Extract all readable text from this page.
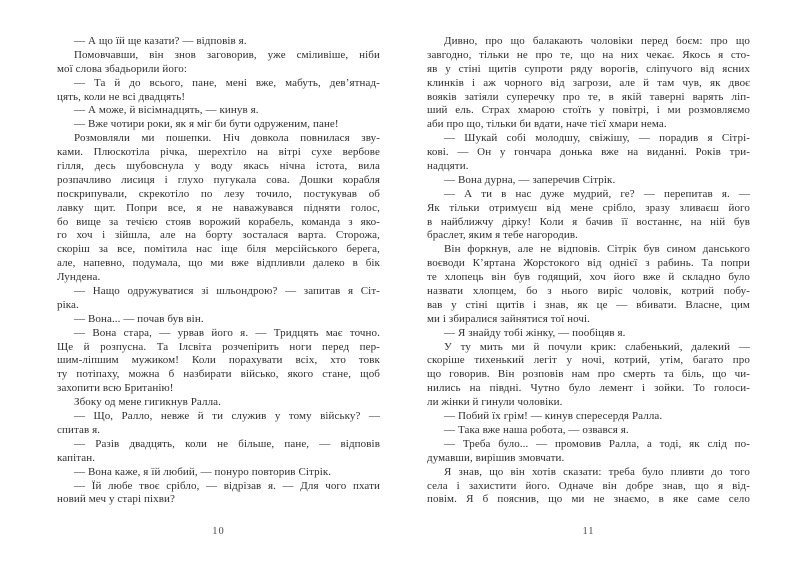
— А що їй ще казати? — відповів я.
Помовчавши, він знов заговорив, уже сміливіше, ніби
мої слова збадьорили його:
— Та й до всього, пане, мені вже, мабуть, дев’ятнад-
цять, коли не всі двадцять!
— А може, й вісімнадцять, — кинув я.
— Вже чотири роки, як я міг би бути одруженим, пане!
Розмовляли ми пошепки. Ніч довкола повнилася зву-
ками. Плюскотіла річка, шерехтіло на вітрі сухе вербове
гілля, десь шубовснула у воду якась нічна істота, вила
розпачливо лисиця і глухо пугукала сова. Дошки корабля
поскрипували, скрекотіло по лезу точило, постукував об
лавку щит. Попри все, я не наважувався підняти голос,
бо вище за течією стояв ворожий корабель, команда з яко-
го хоч і зійшла, але на борту зосталася варта. Сторожа,
скоріш за все, помітила нас іще біля мерсійського берега,
але, напевно, подумала, що ми вже відпливли далеко в бік
Лундена.
— Нащо одружуватися зі шльондрою? — запитав я Сіт-
ріка.
— Вона... — почав був він.
— Вона стара, — урвав його я. — Тридцять має точно.
Ще й розпусна. Та Ілсвіта розчепірить ноги перед пер-
шим-ліпшим мужиком! Коли порахувати всіх, хто товк
ту потіпаху, можна б назбирати військо, якого стане, щоб
захопити всю Британію!
Збоку од мене гигикнув Ралла.
— Що, Ралло, невже й ти служив у тому війську? —
спитав я.
— Разів двадцять, коли не більше, пане, — відповів
капітан.
— Вона каже, я їй любий, — понуро повторив Сітрік.
— Їй любе твоє срібло, — відрізав я. — Для чого пхати
новий меч у старі піхви?
10
Дивно, про що балакають чоловіки перед боєм: про що
завгодно, тільки не про те, що на них чекає. Якось я сто-
яв у стіні щитів супроти ряду ворогів, сліпучого від ясних
клинків і аж чорного від загрози, але й там чув, як двоє
вояків затіяли суперечку про те, в якій таверні варять ліп-
ший ель. Страх хмарою стоїть у повітрі, і ми розмовляємо
аби про що, тільки би вдати, наче тієї хмари нема.
— Шукай собі молодшу, свіжішу, — порадив я Сітрі-
кові. — Он у гончара донька вже на виданні. Років три-
надцяти.
— Вона дурна, — заперечив Сітрік.
— А ти в нас дуже мудрий, ге? — перепитав я. —
Як тільки отримуєш від мене срібло, зразу зливаєш його
в найближчу дірку! Коли я бачив її востаннє, на ній був
браслет, яким я тебе нагородив.
Він форкнув, але не відповів. Сітрік був сином данського
воєводи К’яртана Жорстокого від однієї з рабинь. Та попри
те хлопець він був годящий, хоч його вже й складно було
назвати хлопцем, бо з нього виріс чоловік, котрий побу-
вав у стіні щитів і знав, як це — вбивати. Власне, цим
ми і збиралися зайнятися тої ночі.
— Я знайду тобі жінку, — пообіцяв я.
У ту мить ми й почули крик: слабенький, далекий —
скоріше тихенький легіт у ночі, котрий, утім, багато про
що говорив. Він розповів нам про смерть та біль, що чи-
нились на півдні. Чутно було лемент і зойки. То голоси-
ли жінки й гинули чоловіки.
— Побий їх грім! — кинув спересердя Ралла.
— Така вже наша робота, — озвався я.
— Треба було... — промовив Ралла, а тоді, як слід по-
думавши, вирішив змовчати.
Я знав, що він хотів сказати: треба було пливти до того
села і захистити його. Одначе він добре знав, що я від-
повім. Я б пояснив, що ми не знаємо, в яке саме село
11
